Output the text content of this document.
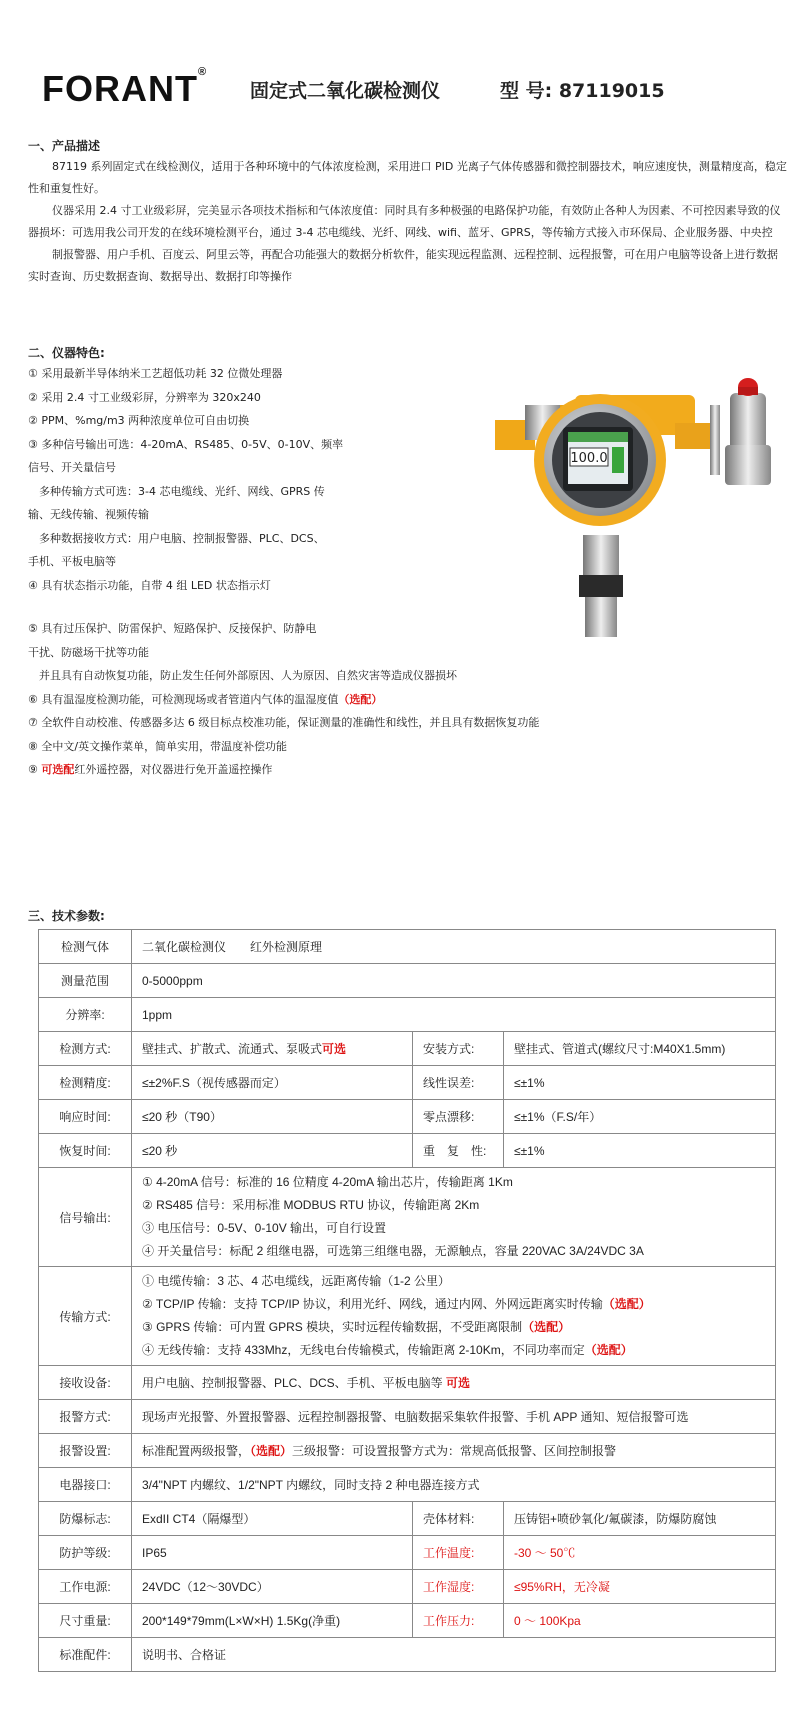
FORANT®
固定式二氧化碳检测仪	型 号: 87119015
一、产品描述

87119 系列固定式在线检测仪，适用于各种环境中的气体浓度检测，采用进口 PID 光离子气体传感器和微控制器技术，响应速度快，测量精度高，稳定性和重复性好。

仪器采用 2.4 寸工业级彩屏，完美显示各项技术指标和气体浓度值：同时具有多种极强的电路保护功能，有效防止各种人为因素、不可控因素导致的仪器损坏：可选用我公司开发的在线环境检测平台，通过 3-4 芯电缆线、光纤、网线、wifi、蓝牙、GPRS，等传输方式接入市环保局、企业服务器、中央控

制报警器、用户手机、百度云、阿里云等，再配合功能强大的数据分析软件，能实现远程监测、远程控制、远程报警，可在用户电脑等设备上进行数据实时查询、历史数据查询、数据导出、数据打印等操作

二、仪器特色:
① 采用最新半导体纳米工艺超低功耗 32 位微处理器
② 采用 2.4 寸工业级彩屏，分辨率为 320x240
② PPM、%mg/m3 两种浓度单位可自由切换
③ 多种信号输出可选：4-20mA、RS485、0-5V、0-10V、频率
信号、开关量信号
　多种传输方式可选：3-4 芯电缆线、光纤、网线、GPRS 传
输、无线传输、视频传输
　多种数据接收方式：用户电脑、控制报警器、PLC、DCS、
手机、平板电脑等
④ 具有状态指示功能，自带 4 组 LED 状态指示灯
⑤ 具有过压保护、防雷保护、短路保护、反接保护、防静电
干扰、防磁场干扰等功能
　并且具有自动恢复功能，防止发生任何外部原因、人为原因、自然灾害等造成仪器损坏
⑥ 具有温湿度检测功能，可检测现场或者管道内气体的温湿度值（选配）
⑦ 全软件自动校准、传感器多达 6 级目标点校准功能，保证测量的准确性和线性，并且具有数据恢复功能
⑧ 全中文/英文操作菜单，简单实用，带温度补偿功能
⑨ 可选配红外遥控器，对仪器进行免开盖遥控操作
100.0
三、技术参数:
检测气体	二氧化碳检测仪　　红外检测原理		
测量范围	0-5000ppm		
分辨率:	1ppm		
检测方式:	壁挂式、扩散式、流通式、泵吸式可选	安装方式:	壁挂式、管道式(螺纹尺寸:M40X1.5mm)
检测精度:	≤±2%F.S（视传感器而定）	线性误差:	≤±1%
响应时间:	≤20 秒（T90）	零点漂移:	≤±1%（F.S/年）
恢复时间:	≤20 秒	重　复　性:	≤±1%
信号输出:	① 4-20mA 信号：标准的 16 位精度 4-20mA 输出芯片，传输距离 1Km
② RS485 信号：采用标准 MODBUS RTU 协议，传输距离 2Km
③ 电压信号：0-5V、0-10V 输出，可自行设置
④ 开关量信号：标配 2 组继电器，可选第三组继电器，无源触点，容量 220VAC 3A/24VDC 3A		

传输方式:	① 电缆传输：3 芯、4 芯电缆线，远距离传输（1-2 公里）
② TCP/IP 传输：支持 TCP/IP 协议，利用光纤、网线，通过内网、外网远距离实时传输（选配）
③ GPRS 传输：可内置 GPRS 模块，实时远程传输数据，不受距离限制（选配）
④ 无线传输：支持 433Mhz，无线电台传输模式，传输距离 2-10Km，不同功率而定（选配）		

接收设备:	用户电脑、控制报警器、PLC、DCS、手机、平板电脑等 可选		
报警方式:	现场声光报警、外置报警器、远程控制器报警、电脑数据采集软件报警、手机 APP 通知、短信报警可选		
报警设置:	标准配置两级报警，（选配）三级报警：可设置报警方式为：常规高低报警、区间控制报警		
电器接口:	3/4"NPT 内螺纹、1/2"NPT 内螺纹，同时支持 2 种电器连接方式		
防爆标志:	ExdII CT4（隔爆型）	壳体材料:	压铸铝+喷砂氧化/氟碳漆，防爆防腐蚀
防护等级:	IP65	工作温度:	-30 ～ 50℃
工作电源:	24VDC（12～30VDC）	工作湿度:	≤95%RH，无冷凝
尺寸重量:	200*149*79mm(L×W×H) 1.5Kg(净重)	工作压力:	0 ～ 100Kpa
标准配件:	说明书、合格证		
